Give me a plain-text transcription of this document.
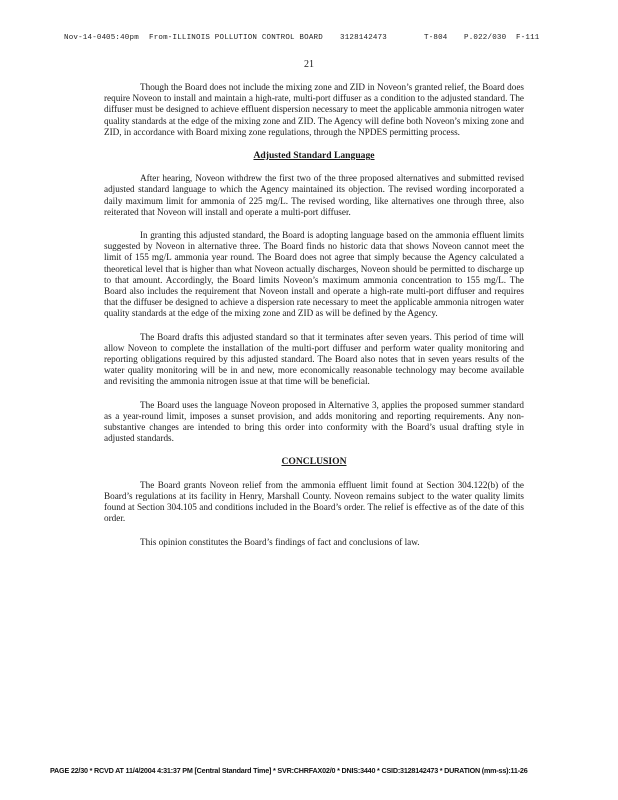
Nov-14-04 05:40pm From-ILLINOIS POLLUTION CONTROL BOARD 3128142473	T-804 P.022/030 F-111
21

Though the Board does not include the mixing zone and ZID in Noveon’s granted relief, the Board does require Noveon to install and maintain a high-rate, multi-port diffuser as a condition to the adjusted standard. The diffuser must be designed to achieve effluent dispersion necessary to meet the applicable ammonia nitrogen water quality standards at the edge of the mixing zone and ZID. The Agency will define both Noveon’s mixing zone and ZID, in accordance with Board mixing zone regulations, through the NPDES permitting process.

Adjusted Standard Language

After hearing, Noveon withdrew the first two of the three proposed alternatives and submitted revised adjusted standard language to which the Agency maintained its objection. The revised wording incorporated a daily maximum limit for ammonia of 225 mg/L. The revised wording, like alternatives one through three, also reiterated that Noveon will install and operate a multi-port diffuser.

In granting this adjusted standard, the Board is adopting language based on the ammonia effluent limits suggested by Noveon in alternative three. The Board finds no historic data that shows Noveon cannot meet the limit of 155 mg/L ammonia year round. The Board does not agree that simply because the Agency calculated a theoretical level that is higher than what Noveon actually discharges, Noveon should be permitted to discharge up to that amount. Accordingly, the Board limits Noveon’s maximum ammonia concentration to 155 mg/L. The Board also includes the requirement that Noveon install and operate a high-rate multi-port diffuser and requires that the diffuser be designed to achieve a dispersion rate necessary to meet the applicable ammonia nitrogen water quality standards at the edge of the mixing zone and ZID as will be defined by the Agency.

The Board drafts this adjusted standard so that it terminates after seven years. This period of time will allow Noveon to complete the installation of the multi-port diffuser and perform water quality monitoring and reporting obligations required by this adjusted standard. The Board also notes that in seven years results of the water quality monitoring will be in and new, more economically reasonable technology may become available and revisiting the ammonia nitrogen issue at that time will be beneficial.

The Board uses the language Noveon proposed in Alternative 3, applies the proposed summer standard as a year-round limit, imposes a sunset provision, and adds monitoring and reporting requirements. Any non-substantive changes are intended to bring this order into conformity with the Board’s usual drafting style in adjusted standards.

CONCLUSION

The Board grants Noveon relief from the ammonia effluent limit found at Section 304.122(b) of the Board’s regulations at its facility in Henry, Marshall County. Noveon remains subject to the water quality limits found at Section 304.105 and conditions included in the Board’s order. The relief is effective as of the date of this order.

This opinion constitutes the Board’s findings of fact and conclusions of law.

PAGE 22/30 * RCVD AT 11/4/2004 4:31:37 PM [Central Standard Time] * SVR:CHRFAX02/0 * DNIS:3440 * CSID:3128142473 * DURATION (mm-ss):11-26
